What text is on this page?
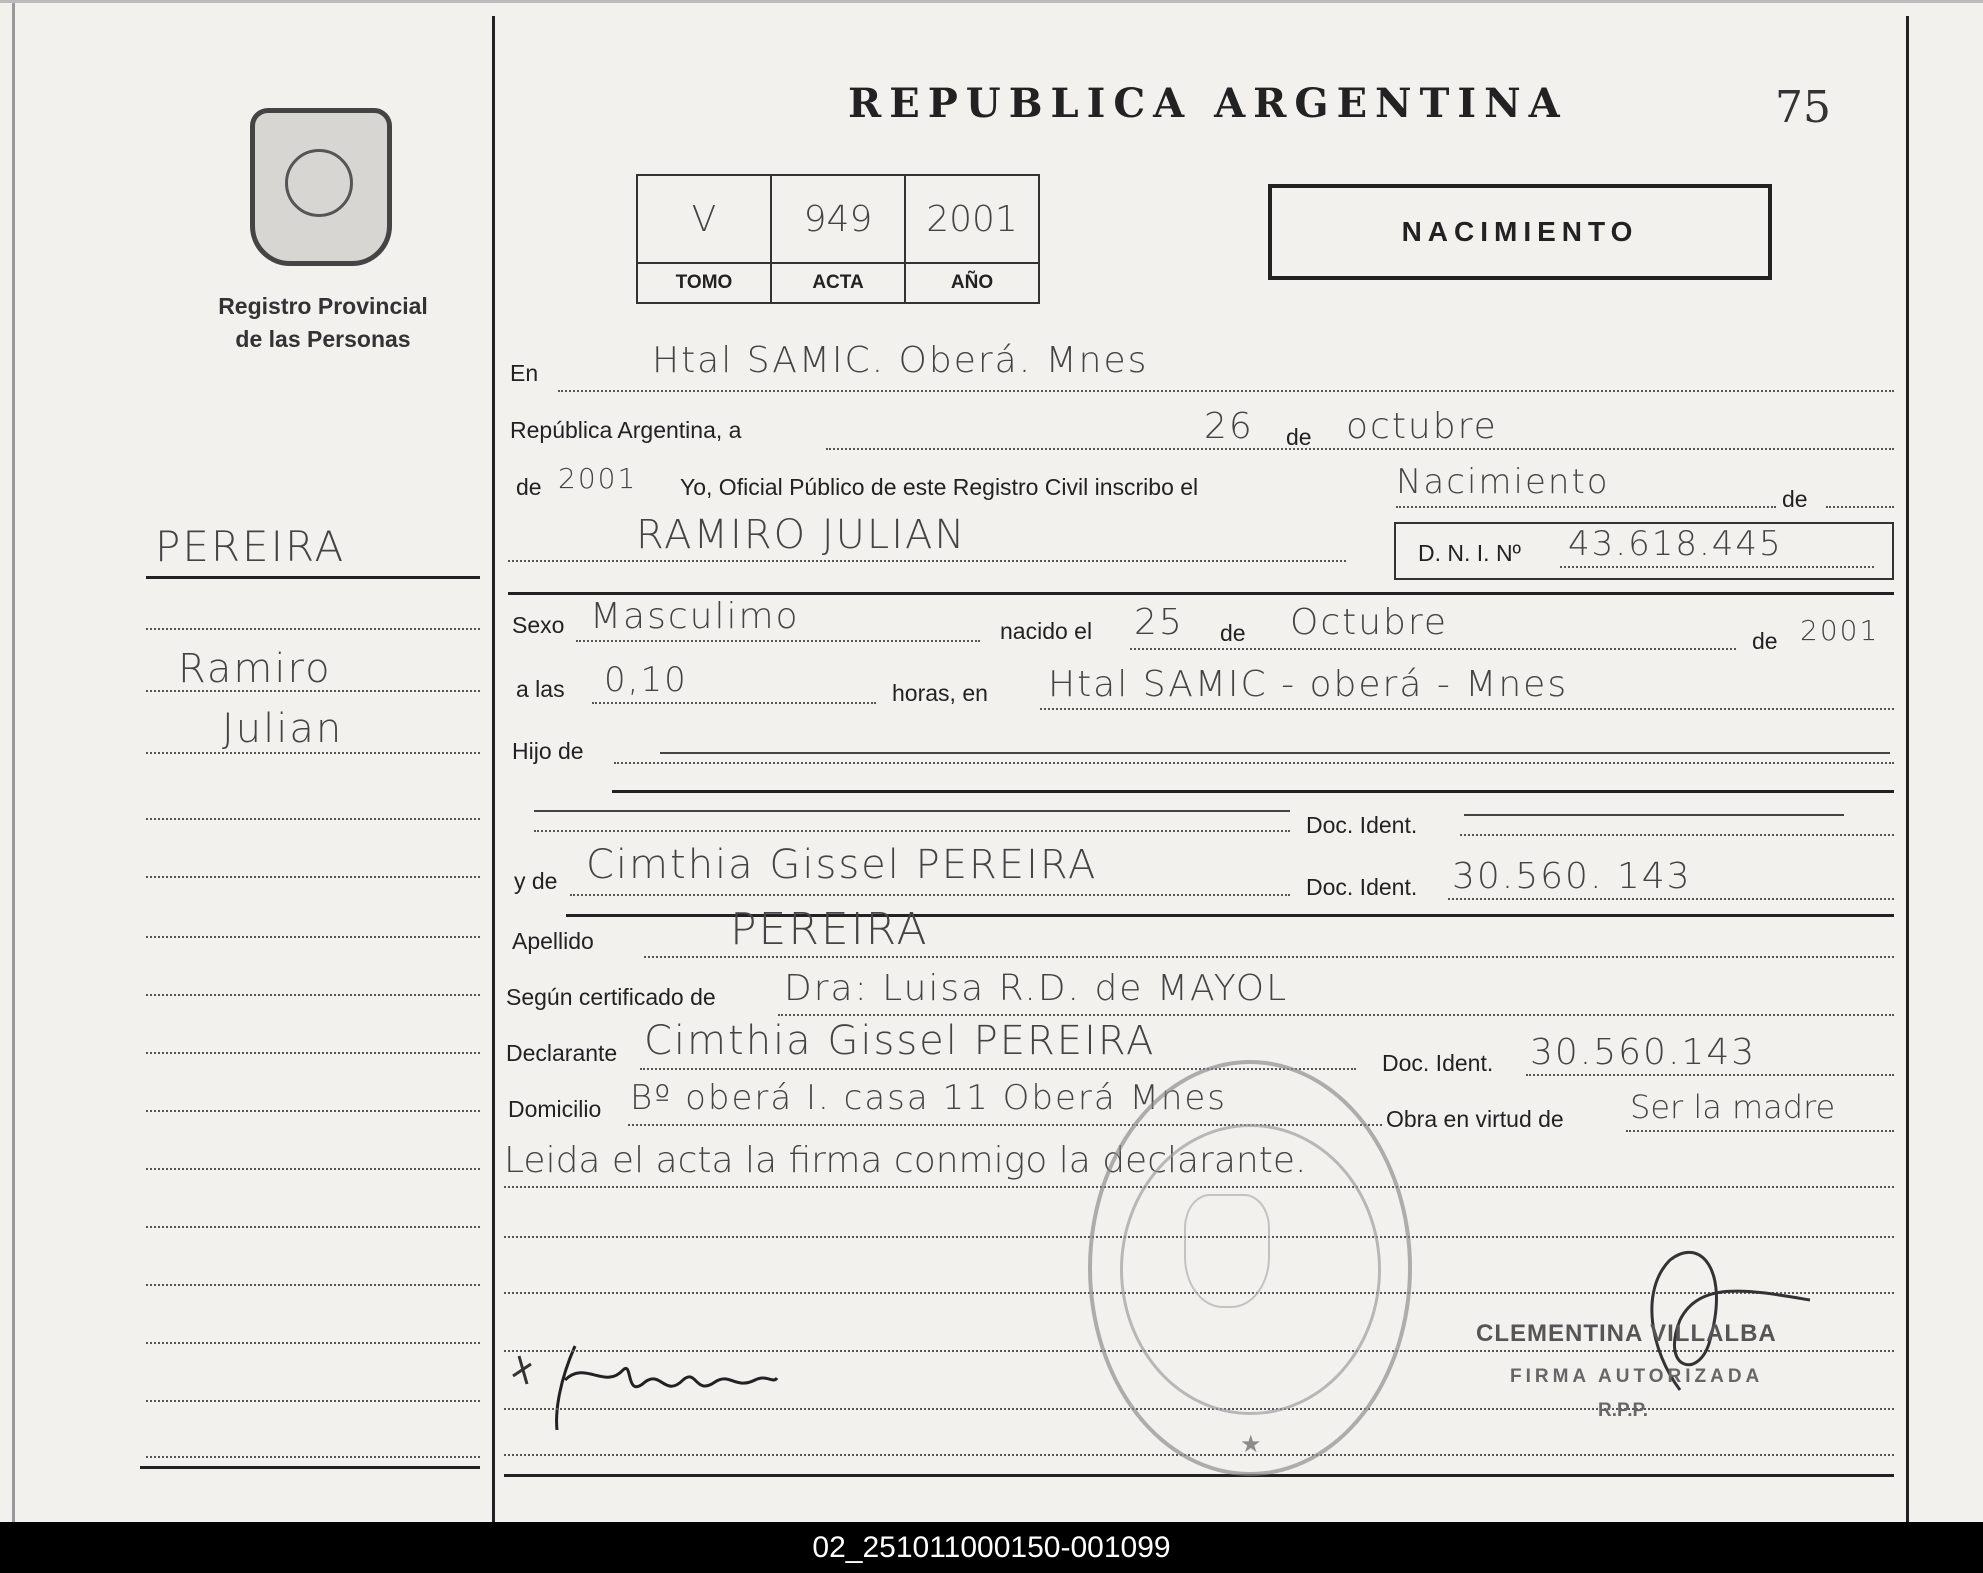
Registro Provincial
de las Personas
PEREIRA
Ramiro
Julian
REPUBLICA ARGENTINA	75
V	949	2001
TOMO	ACTA	AÑO
NACIMIENTO
En	Htal SAMIC. Oberá. Mnes
República Argentina, a	26 de octubre
de 2001 Yo, Oficial Público de este Registro Civil inscribo el	Nacimiento	de
RAMIRO JULIAN	D. N. I. Nº 43.618.445
Sexo Masculimo	nacido el 25 de Octubre	de 2001
a las 0,10	horas, en Htal SAMIC - oberá - Mnes
Hijo de
Doc. Ident.
y de Cimthia Gissel PEREIRA	Doc. Ident. 30.560. 143
Apellido	PEREIRA
Según certificado de Dra: Luisa R.D. de MAYOL
Declarante Cimthia Gissel PEREIRA	Doc. Ident. 30.560.143
Domicilio Bº oberá I. casa 11 Oberá Mnes
Obra en virtud de Ser la madre
Leida el acta la firma conmigo la declarante.
★
CLEMENTINA VILLALBA
FIRMA AUTORIZADA
R.P.P.
02_251011000150-001099
